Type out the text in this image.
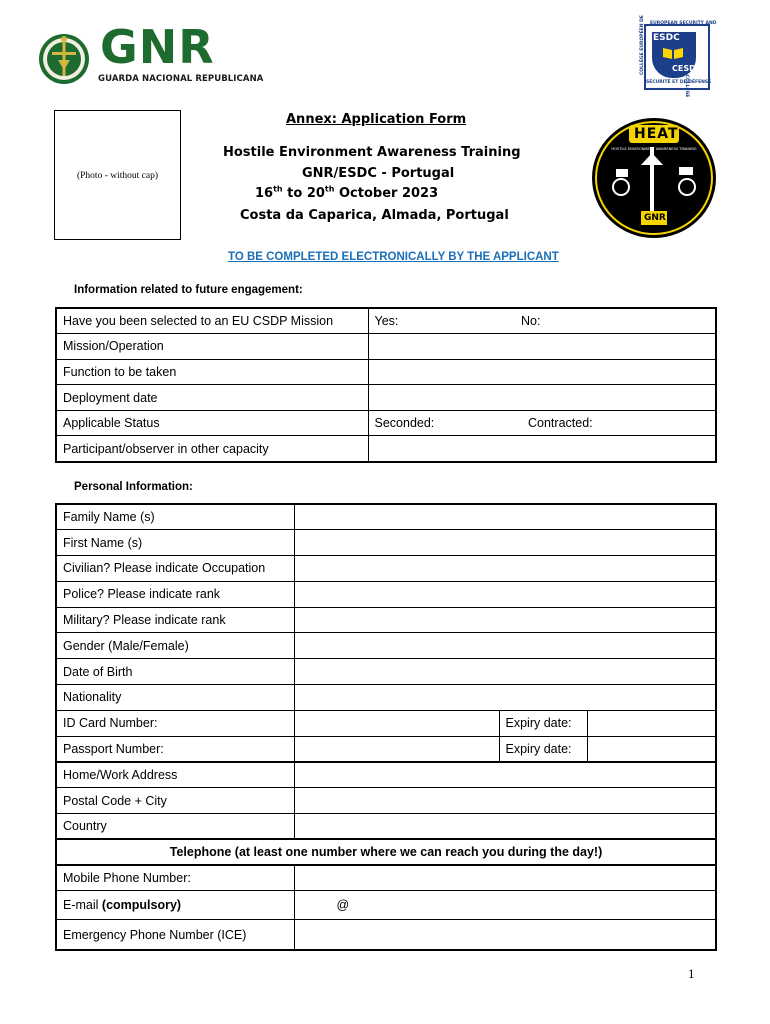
GNR
GUARDA NACIONAL REPUBLICANA
EUROPEAN SECURITY AND
SÉCURITÉ ET DE DÉFENSE
COLLÈGE EUROPÉEN DE ESDC
CESD
(Photo - without cap)
Annex: Application Form
Hostile Environment Awareness Training
GNR/ESDC - Portugal
16th to 20th October 2023
Costa da Caparica, Almada, Portugal
HEAT
HOSTILE ENVIRONMENT AWARENESS TRAINING
GNR
TO BE COMPLETED ELECTRONICALLY BY THE APPLICANT
Information related to future engagement:
Have you been selected to an EU CSDP Mission	Yes: No:

Mission/Operation	
Function to be taken	
Deployment date	
Applicable Status	Seconded: Contracted:

Participant/observer in other capacity	
Personal Information:
Family Name (s)			
First Name (s)			
Civilian? Please indicate Occupation			
Police? Please indicate rank			
Military? Please indicate rank			
Gender (Male/Female)			
Date of Birth			
Nationality			
ID Card Number:		Expiry date:	
Passport Number:		Expiry date:	
Home/Work Address			
Postal Code + City			
Country			
Telephone (at least one number where we can reach you during the day!)			
Mobile Phone Number:			
E-mail (compulsory)	@		
Emergency Phone Number (ICE)			
1
